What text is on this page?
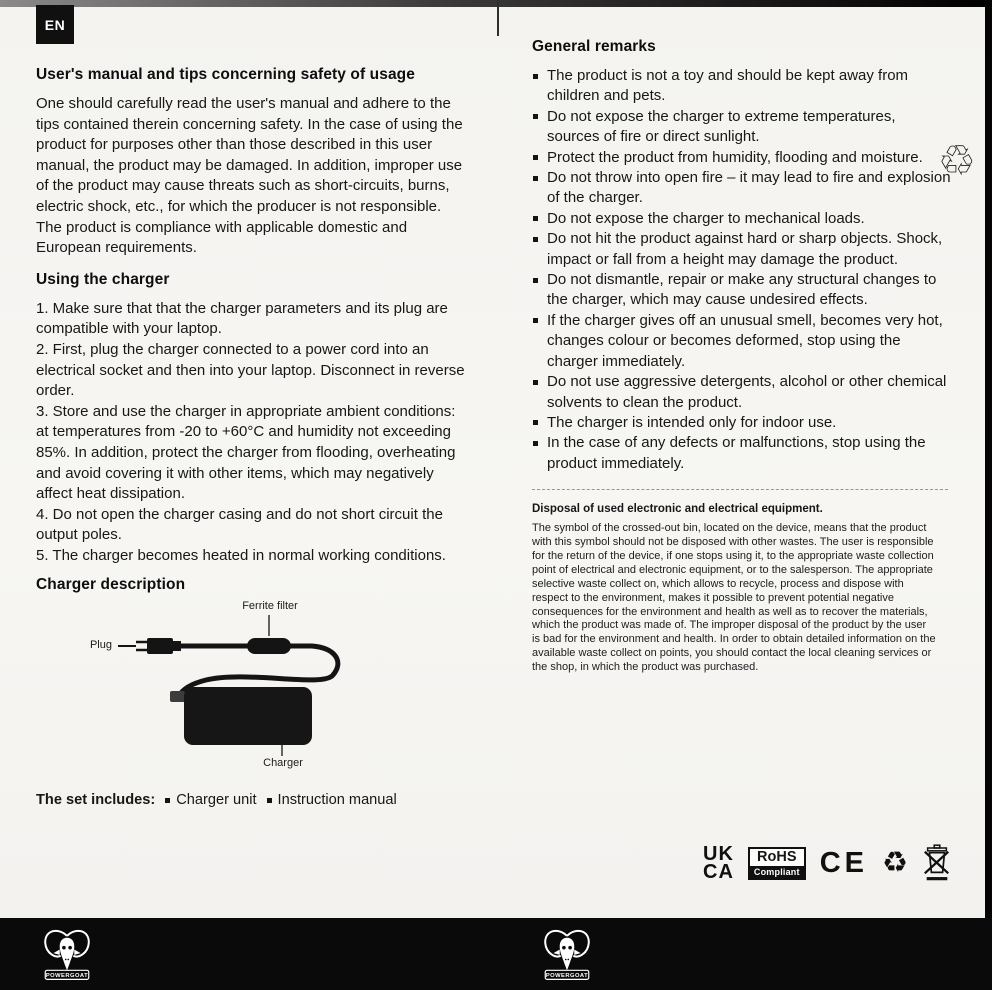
EN
♲
User's manual and tips concerning safety of usage

One should carefully read the user's manual and adhere to the tips contained therein concerning safety. In the case of using the product for purposes other than those described in this user manual, the product may be damaged. In addition, improper use of the product may cause threats such as short-circuits, burns, electric shock, etc., for which the producer is not responsible. The product is compliance with applicable domestic and European requirements.

Using the charger

1. Make sure that that the charger parameters and its plug are compatible with your laptop.

2. First, plug the charger connected to a power cord into an electrical socket and then into your laptop. Disconnect in reverse order.

3. Store and use the charger in appropriate ambient conditions: at temperatures from -20 to +60°C and humidity not exceeding 85%. In addition, protect the charger from flooding, overheating and avoid covering it with other items, which may negatively affect heat dissipation.

4. Do not open the charger casing and do not short circuit the output poles.

5. The charger becomes heated in normal working conditions.

Charger description
Ferrite filter
Plug
Charger
The set includes: Charger unit Instruction manual
General remarks
The product is not a toy and should be kept away from children and pets.
Do not expose the charger to extreme temperatures, sources of fire or direct sunlight.
Protect the product from humidity, flooding and moisture.
Do not throw into open fire – it may lead to fire and explosion of the charger.
Do not expose the charger to mechanical loads.
Do not hit the product against hard or sharp objects. Shock, impact or fall from a height may damage the product.
Do not dismantle, repair or make any structural changes to the charger, which may cause undesired effects.
If the charger gives off an unusual smell, becomes very hot, changes colour or becomes deformed, stop using the charger immediately.
Do not use aggressive detergents, alcohol or other chemical solvents to clean the product.
The charger is intended only for indoor use.
In the case of any defects or malfunctions, stop using the product immediately.
Disposal of used electronic and electrical equipment.

The symbol of the crossed-out bin, located on the device, means that the product with this symbol should not be disposed with other wastes. The user is responsible for the return of the device, if one stops using it, to the appropriate waste collection point of electrical and electronic equipment, or to the salesperson. The appropriate selective waste collect on, which allows to recycle, process and dispose with respect to the environment, makes it possible to prevent potential negative consequences for the environment and health as well as to recover the materials, which the product was made of. The improper disposal of the product by the user is bad for the environment and health. In order to obtain detailed information on the available waste collect on points, you should contact the local cleaning services or the shop, in which the product was purchased.

UK
CA
RoHS
Compliant CE ♻
POWERGOAT	POWERGOAT
